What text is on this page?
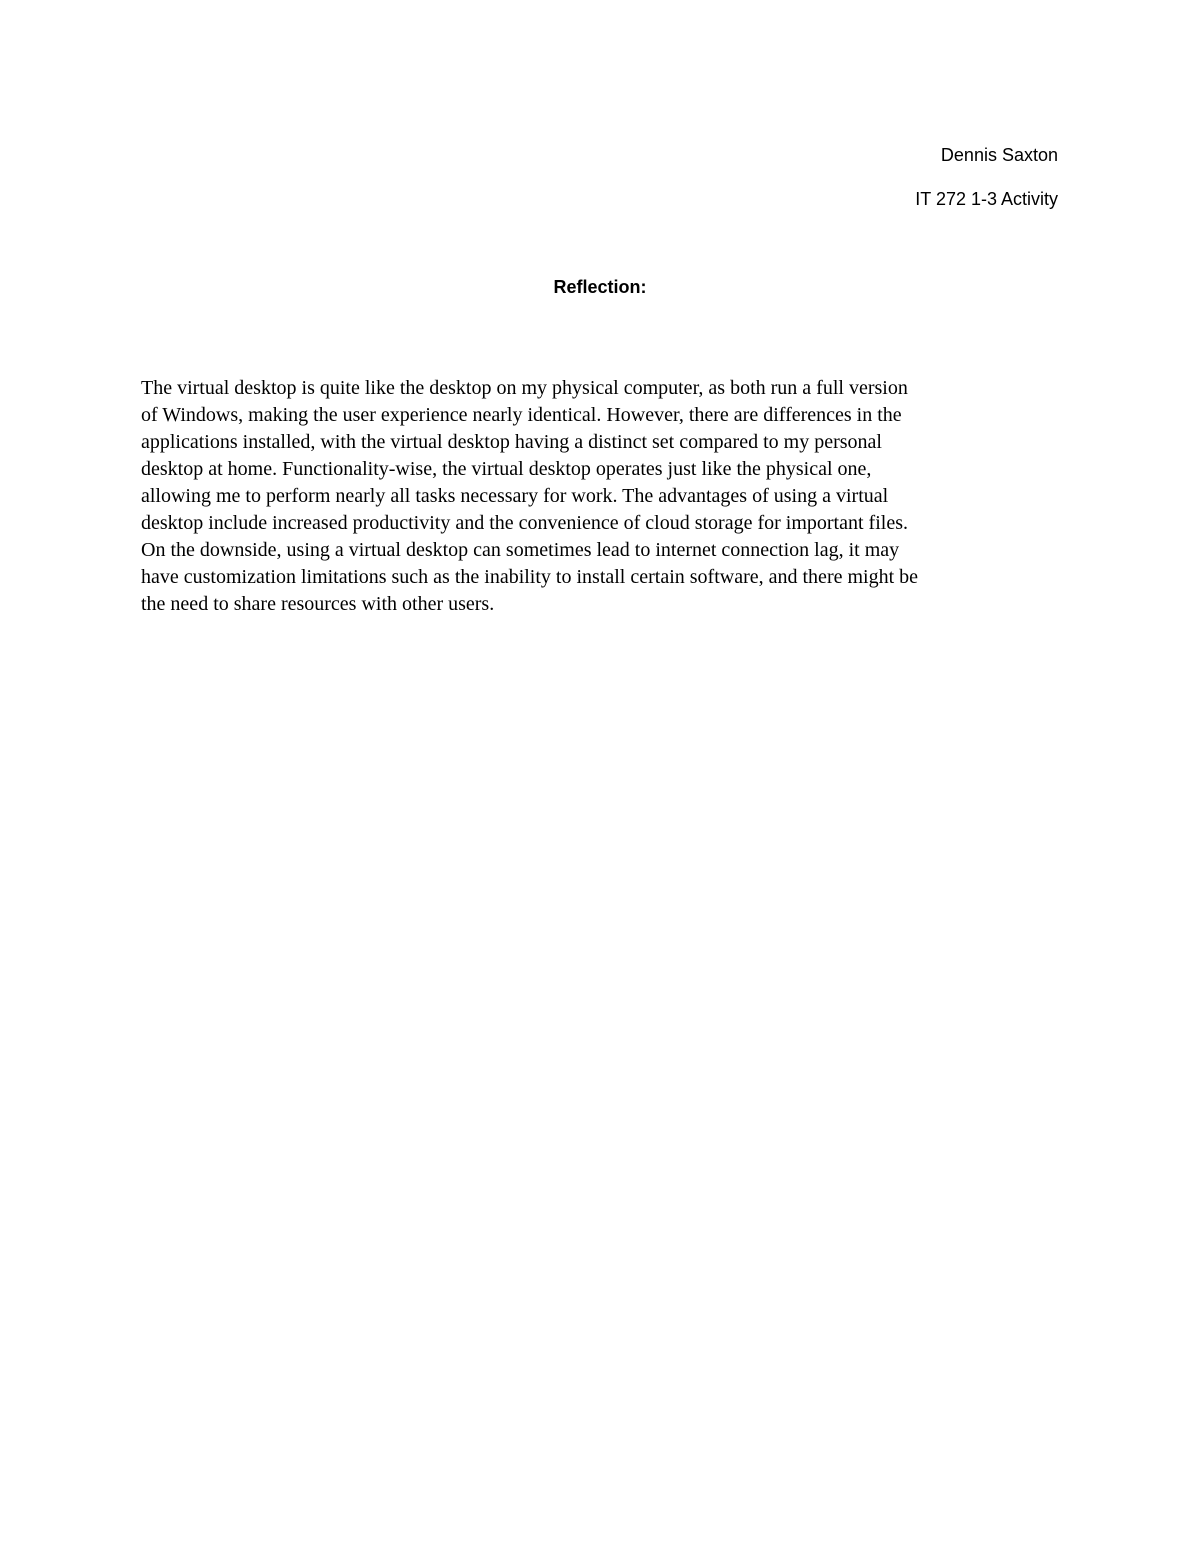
Dennis Saxton
IT 272 1-3 Activity
Reflection:
The virtual desktop is quite like the desktop on my physical computer, as both run a full version
of Windows, making the user experience nearly identical. However, there are differences in the
applications installed, with the virtual desktop having a distinct set compared to my personal
desktop at home. Functionality-wise, the virtual desktop operates just like the physical one,
allowing me to perform nearly all tasks necessary for work. The advantages of using a virtual
desktop include increased productivity and the convenience of cloud storage for important files.
On the downside, using a virtual desktop can sometimes lead to internet connection lag, it may
have customization limitations such as the inability to install certain software, and there might be
the need to share resources with other users.
